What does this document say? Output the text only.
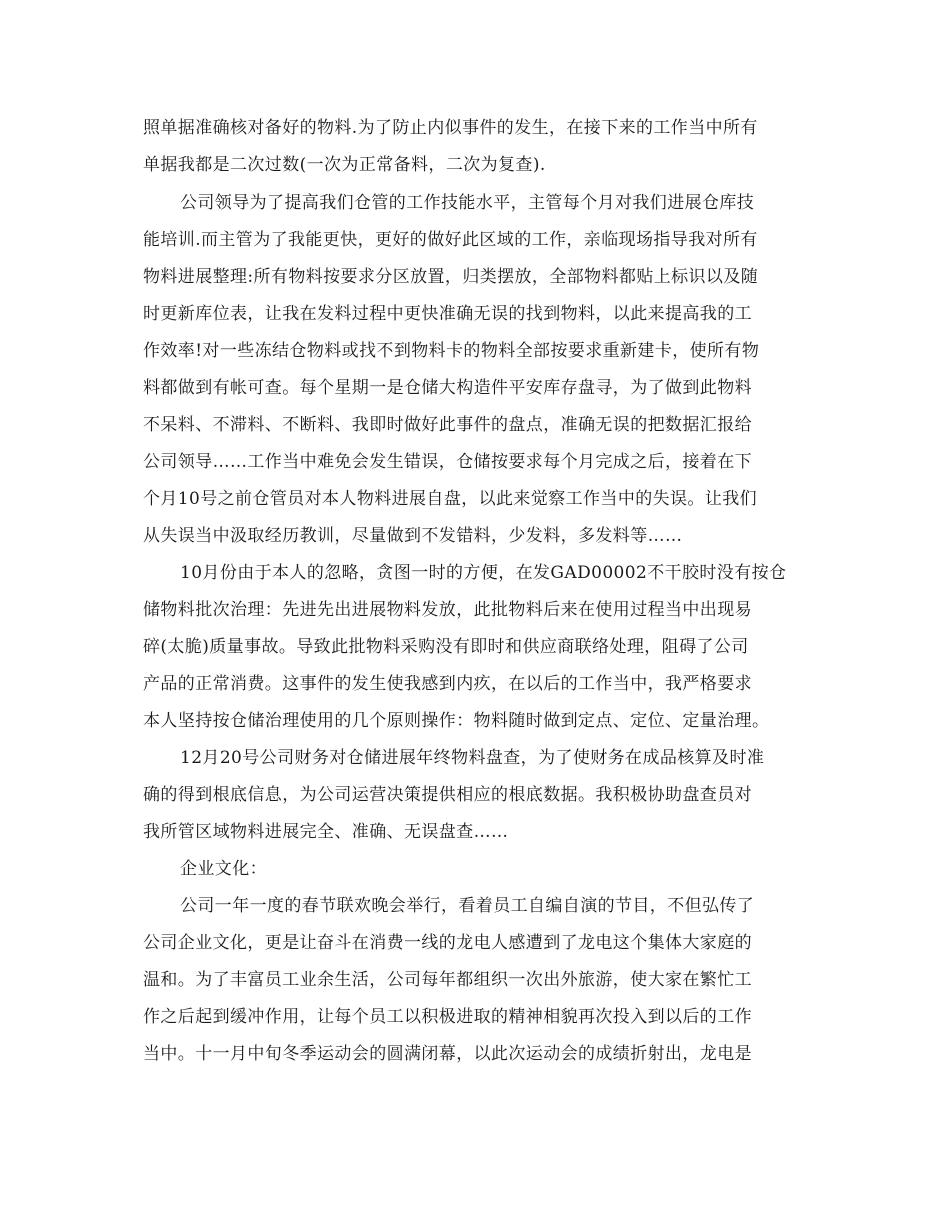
照单据准确核对备好的物料.为了防止内似事件的发生，在接下来的工作当中所有
单据我都是二次过数(一次为正常备料，二次为复查).
公司领导为了提高我们仓管的工作技能水平，主管每个月对我们进展仓库技
能培训.而主管为了我能更快，更好的做好此区域的工作，亲临现场指导我对所有
物料进展整理:所有物料按要求分区放置，归类摆放，全部物料都贴上标识以及随
时更新库位表，让我在发料过程中更快准确无误的找到物料，以此来提高我的工
作效率!对一些冻结仓物料或找不到物料卡的物料全部按要求重新建卡，使所有物
料都做到有帐可查。每个星期一是仓储大构造件平安库存盘寻，为了做到此物料
不呆料、不滞料、不断料、我即时做好此事件的盘点，准确无误的把数据汇报给
公司领导……工作当中难免会发生错误，仓储按要求每个月完成之后，接着在下
个月10号之前仓管员对本人物料进展自盘，以此来觉察工作当中的失误。让我们
从失误当中汲取经历教训，尽量做到不发错料，少发料，多发料等……
10月份由于本人的忽略，贪图一时的方便，在发GAD00002不干胶时没有按仓
储物料批次治理：先进先出进展物料发放，此批物料后来在使用过程当中出现易
碎(太脆)质量事故。导致此批物料采购没有即时和供应商联络处理，阻碍了公司
产品的正常消费。这事件的发生使我感到内疚，在以后的工作当中，我严格要求
本人坚持按仓储治理使用的几个原则操作：物料随时做到定点、定位、定量治理。
12月20号公司财务对仓储进展年终物料盘查，为了使财务在成品核算及时准
确的得到根底信息，为公司运营决策提供相应的根底数据。我积极协助盘查员对
我所管区域物料进展完全、准确、无误盘查……
企业文化：
公司一年一度的春节联欢晚会举行，看着员工自编自演的节目，不但弘传了
公司企业文化，更是让奋斗在消费一线的龙电人感遭到了龙电这个集体大家庭的
温和。为了丰富员工业余生活，公司每年都组织一次出外旅游，使大家在繁忙工
作之后起到缓冲作用，让每个员工以积极进取的精神相貌再次投入到以后的工作
当中。十一月中旬冬季运动会的圆满闭幕，以此次运动会的成绩折射出，龙电是
